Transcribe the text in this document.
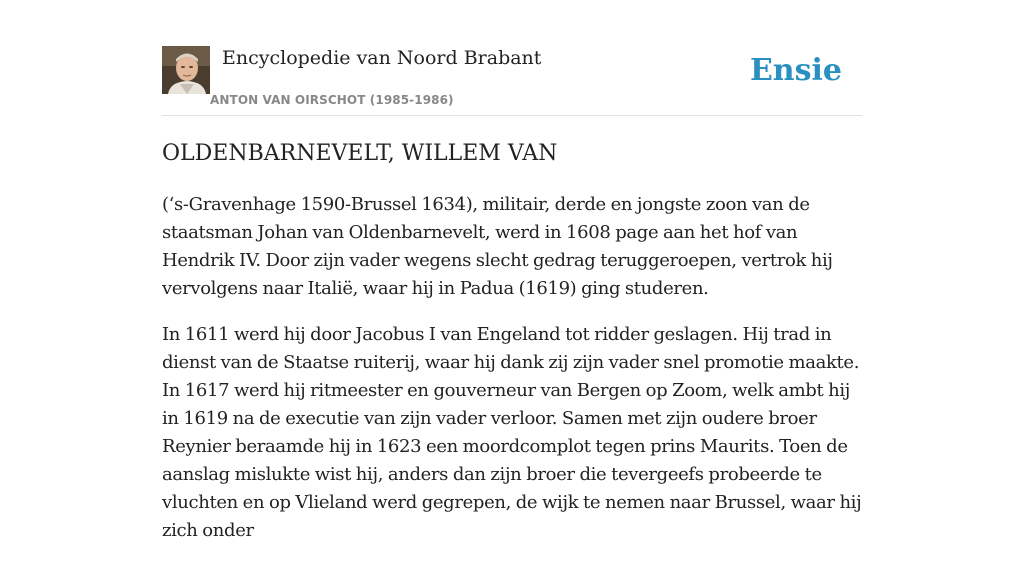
Encyclopedie van Noord Brabant
ANTON VAN OIRSCHOT (1985-1986)
Ensie
OLDENBARNEVELT, WILLEM VAN

(‘s-Gravenhage 1590-Brussel 1634), militair, derde en jongste zoon van de staatsman Johan van Oldenbarnevelt, werd in 1608 page aan het hof van Hendrik IV. Door zijn vader wegens slecht gedrag teruggeroepen, vertrok hij vervolgens naar Italië, waar hij in Padua (1619) ging studeren.

In 1611 werd hij door Jacobus I van Engeland tot ridder geslagen. Hij trad in dienst van de Staatse ruiterij, waar hij dank zij zijn vader snel promotie maakte. In 1617 werd hij ritmeester en gouverneur van Bergen op Zoom, welk ambt hij in 1619 na de executie van zijn vader verloor. Samen met zijn oudere broer Reynier beraamde hij in 1623 een moordcomplot tegen prins Maurits. Toen de aanslag mislukte wist hij, anders dan zijn broer die tevergeefs probeerde te vluchten en op Vlieland werd gegrepen, de wijk te nemen naar Brussel, waar hij zich onder
